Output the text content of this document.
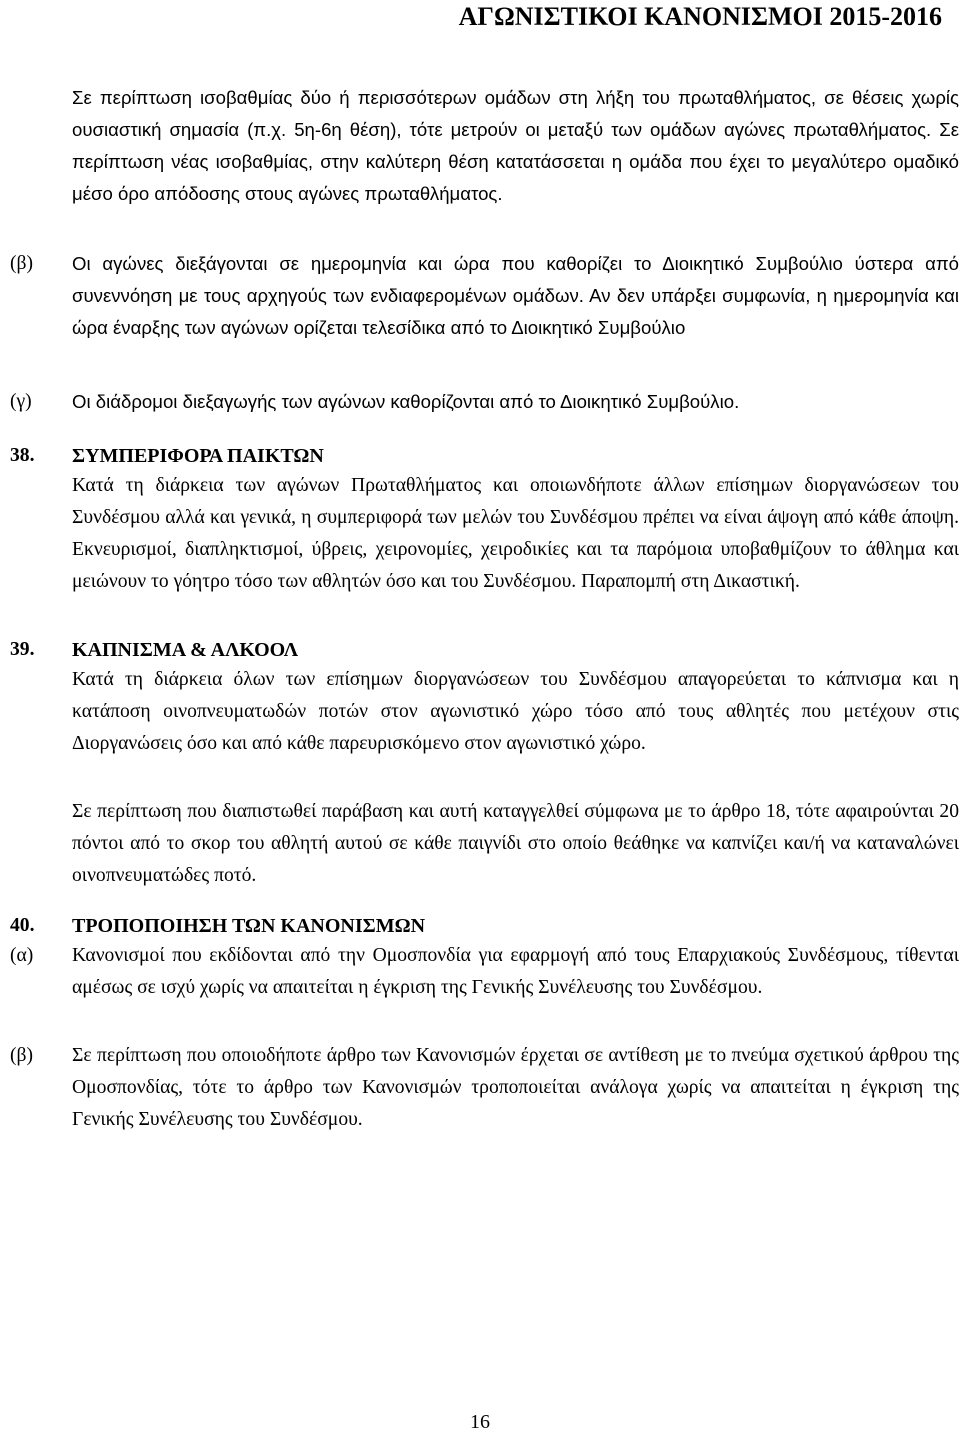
ΑΓΩΝΙΣΤΙΚΟΙ ΚΑΝΟΝΙΣΜΟΙ 2015-2016
Σε περίπτωση ισοβαθμίας δύο ή περισσότερων ομάδων στη λήξη του πρωταθλήματος, σε θέσεις χωρίς ουσιαστική σημασία (π.χ. 5η-6η θέση), τότε μετρούν οι μεταξύ των ομάδων αγώνες πρωταθλήματος. Σε περίπτωση νέας ισοβαθμίας, στην καλύτερη θέση κατατάσσεται η ομάδα που έχει το μεγαλύτερο ομαδικό μέσο όρο απόδοσης στους αγώνες πρωταθλήματος.
(β) Οι αγώνες διεξάγονται σε ημερομηνία και ώρα που καθορίζει το Διοικητικό Συμβούλιο ύστερα από συνεννόηση με τους αρχηγούς των ενδιαφερομένων ομάδων. Αν δεν υπάρξει συμφωνία, η ημερομηνία και ώρα έναρξης των αγώνων ορίζεται τελεσίδικα από το Διοικητικό Συμβούλιο
(γ) Οι διάδρομοι διεξαγωγής των αγώνων καθορίζονται από το Διοικητικό Συμβούλιο.
38. ΣΥΜΠΕΡΙΦΟΡΑ ΠΑΙΚΤΩΝ
Κατά τη διάρκεια των αγώνων Πρωταθλήματος και οποιωνδήποτε άλλων επίσημων διοργανώσεων του Συνδέσμου αλλά και γενικά, η συμπεριφορά των μελών του Συνδέσμου πρέπει να είναι άψογη από κάθε άποψη. Εκνευρισμοί, διαπληκτισμοί, ύβρεις, χειρονομίες, χειροδικίες και τα παρόμοια υποβαθμίζουν το άθλημα και μειώνουν το γόητρο τόσο των αθλητών όσο και του Συνδέσμου. Παραπομπή στη Δικαστική.
39. ΚΑΠΝΙΣΜΑ & ΑΛΚΟΟΛ
Κατά τη διάρκεια όλων των επίσημων διοργανώσεων του Συνδέσμου απαγορεύεται το κάπνισμα και η κατάποση οινοπνευματωδών ποτών στον αγωνιστικό χώρο τόσο από τους αθλητές που μετέχουν στις Διοργανώσεις όσο και από κάθε παρευρισκόμενο στον αγωνιστικό χώρο.
Σε περίπτωση που διαπιστωθεί παράβαση και αυτή καταγγελθεί σύμφωνα με το άρθρο 18, τότε αφαιρούνται 20 πόντοι από το σκορ του αθλητή αυτού σε κάθε παιγνίδι στο οποίο θεάθηκε να καπνίζει και/ή να καταναλώνει οινοπνευματώδες ποτό.
40. ΤΡΟΠΟΠΟΙΗΣΗ ΤΩΝ ΚΑΝΟΝΙΣΜΩΝ
(α) Κανονισμοί που εκδίδονται από την Ομοσπονδία για εφαρμογή από τους Επαρχιακούς Συνδέσμους, τίθενται αμέσως σε ισχύ χωρίς να απαιτείται η έγκριση της Γενικής Συνέλευσης του Συνδέσμου.
(β) Σε περίπτωση που οποιοδήποτε άρθρο των Κανονισμών έρχεται σε αντίθεση με το πνεύμα σχετικού άρθρου της Ομοσπονδίας, τότε το άρθρο των Κανονισμών τροποποιείται ανάλογα χωρίς να απαιτείται η έγκριση της Γενικής Συνέλευσης του Συνδέσμου.
16
